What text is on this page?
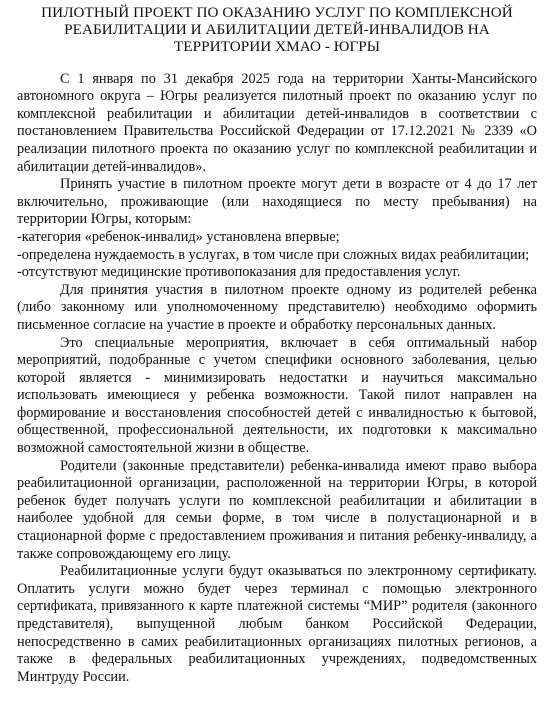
ПИЛОТНЫЙ ПРОЕКТ ПО ОКАЗАНИЮ УСЛУГ ПО КОМПЛЕКСНОЙ РЕАБИЛИТАЦИИ И АБИЛИТАЦИИ ДЕТЕЙ-ИНВАЛИДОВ НА ТЕРРИТОРИИ ХМАО - ЮГРЫ

С 1 января по 31 декабря 2025 года на территории Ханты-Мансийского автономного округа – Югры реализуется пилотный проект по оказанию услуг по комплексной реабилитации и абилитации детей-инвалидов в соответствии с постановлением Правительства Российской Федерации от 17.12.2021 № 2339 «О реализации пилотного проекта по оказанию услуг по комплексной реабилитации и абилитации детей-инвалидов».

Принять участие в пилотном проекте могут дети в возрасте от 4 до 17 лет включительно, проживающие (или находящиеся по месту пребывания) на территории Югры, которым:

-категория «ребенок-инвалид» установлена впервые;

-определена нуждаемость в услугах, в том числе при сложных видах реабилитации;

-отсутствуют медицинские противопоказания для предоставления услуг.

Для принятия участия в пилотном проекте одному из родителей ребенка (либо законному или уполномоченному представителю) необходимо оформить письменное согласие на участие в проекте и обработку персональных данных.

Это специальные мероприятия, включает в себя оптимальный набор мероприятий, подобранные с учетом специфики основного заболевания, целью которой является - минимизировать недостатки и научиться максимально использовать имеющиеся у ребенка возможности. Такой пилот направлен на формирование и восстановления способностей детей с инвалидностью к бытовой, общественной, профессиональной деятельности, их подготовки к максимально возможной самостоятельной жизни в обществе.

Родители (законные представители) ребенка-инвалида имеют право выбора реабилитационной организации, расположенной на территории Югры, в которой ребенок будет получать услуги по комплексной реабилитации и абилитации в наиболее удобной для семьи форме, в том числе в полустационарной и в стационарной форме с предоставлением проживания и питания ребенку-инвалиду, а также сопровождающему его лицу.

Реабилитационные услуги будут оказываться по электронному сертификату. Оплатить услуги можно будет через терминал с помощью электронного сертификата, привязанного к карте платежной системы “МИР” родителя (законного представителя), выпущенной любым банком Российской Федерации, непосредственно в самих реабилитационных организациях пилотных регионов, а также в федеральных реабилитационных учреждениях, подведомственных Минтруду России.
